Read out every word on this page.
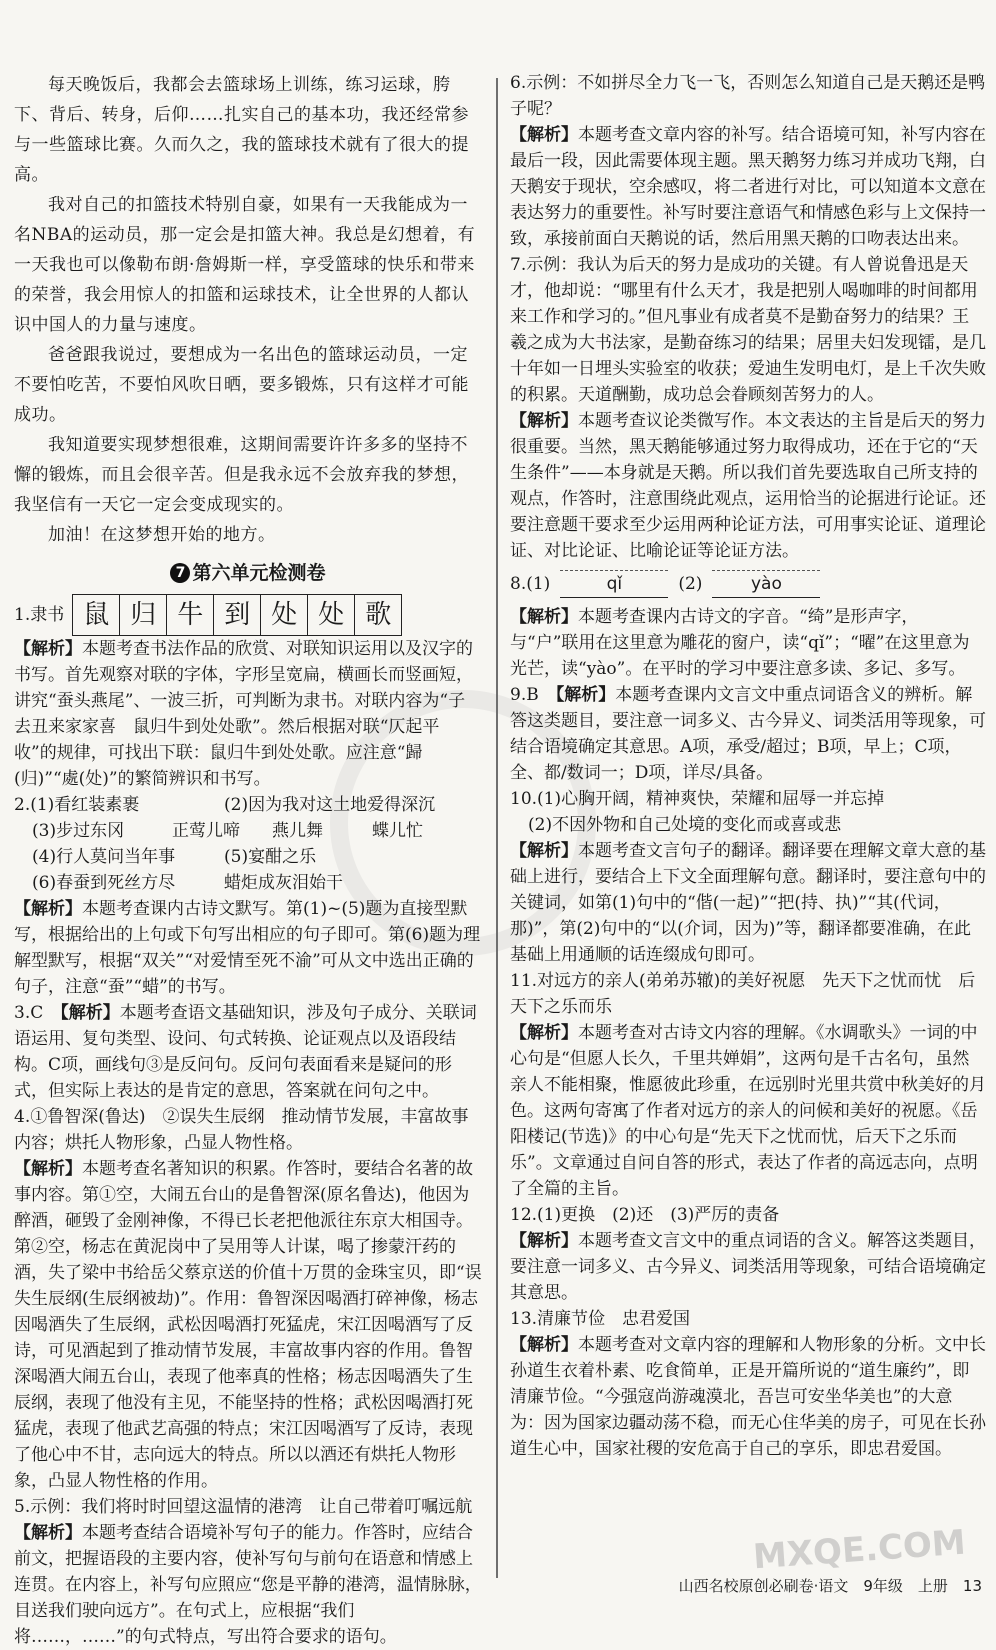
每天晚饭后，我都会去篮球场上训练，练习运球，胯下、背后、转身，后仰……扎实自己的基本功，我还经常参与一些篮球比赛。久而久之，我的篮球技术就有了很大的提高。

我对自己的扣篮技术特别自豪，如果有一天我能成为一名NBA的运动员，那一定会是扣篮大神。我总是幻想着，有一天我也可以像勒布朗·詹姆斯一样，享受篮球的快乐和带来的荣誉，我会用惊人的扣篮和运球技术，让全世界的人都认识中国人的力量与速度。

爸爸跟我说过，要想成为一名出色的篮球运动员，一定不要怕吃苦，不要怕风吹日晒，要多锻炼，只有这样才可能成功。

我知道要实现梦想很难，这期间需要许许多多的坚持不懈的锻炼，而且会很辛苦。但是我永远不会放弃我的梦想，我坚信有一天它一定会变成现实的。

加油！在这梦想开始的地方。

7 第六单元检测卷
1.隶书 鼠 归 牛 到 处 处 歌

【解析】本题考查书法作品的欣赏、对联知识运用以及汉字的书写。首先观察对联的字体，字形呈宽扁，横画长而竖画短，讲究“蚕头燕尾”、一波三折，可判断为隶书。对联内容为“子去丑来家家喜　鼠归牛到处处歌”。然后根据对联“仄起平收”的规律，可找出下联：鼠归牛到处处歌。应注意“歸(归)”“處(处)”的繁简辨识和书写。

2.(1)看红装素裹	(2)因为我对这土地爱得深沉
(3)步过东冈	正莺儿啼	燕儿舞	蝶儿忙
(4)行人莫问当年事	(5)宴酣之乐
(6)春蚕到死丝方尽	蜡炬成灰泪始干

【解析】本题考查课内古诗文默写。第(1)~(5)题为直接型默写，根据给出的上句或下句写出相应的句子即可。第(6)题为理解型默写，根据“双关”“对爱情至死不渝”可从文中选出正确的句子，注意“蚕”“蜡”的书写。

3.C　 【解析】本题考查语文基础知识，涉及句子成分、关联词语运用、复句类型、设问、句式转换、论证观点以及语段结构。C项，画线句③是反问句。反问句表面看来是疑问的形式，但实际上表达的是肯定的意思，答案就在问句之中。

4.①鲁智深(鲁达)　②误失生辰纲　推动情节发展，丰富故事内容；烘托人物形象，凸显人物性格。

【解析】本题考查名著知识的积累。作答时，要结合名著的故事内容。第①空，大闹五台山的是鲁智深(原名鲁达)，他因为醉酒，砸毁了金刚神像，不得已长老把他派往东京大相国寺。第②空，杨志在黄泥岗中了吴用等人计谋，喝了掺蒙汗药的酒，失了梁中书给岳父蔡京送的价值十万贯的金珠宝贝，即“误失生辰纲(生辰纲被劫)”。作用：鲁智深因喝酒打碎神像，杨志因喝酒失了生辰纲，武松因喝酒打死猛虎，宋江因喝酒写了反诗，可见酒起到了推动情节发展，丰富故事内容的作用。鲁智深喝酒大闹五台山，表现了他率真的性格；杨志因喝酒失了生辰纲，表现了他没有主见，不能坚持的性格；武松因喝酒打死猛虎，表现了他武艺高强的特点；宋江因喝酒写了反诗，表现了他心中不甘，志向远大的特点。所以以酒还有烘托人物形象，凸显人物性格的作用。

5.示例：我们将时时回望这温情的港湾　让自己带着叮嘱远航

【解析】本题考查结合语境补写句子的能力。作答时，应结合前文，把握语段的主要内容，使补写句与前句在语意和情感上连贯。在内容上，补写句应照应“您是平静的港湾，温情脉脉，目送我们驶向远方”。在句式上，应根据“我们将……，……”的句式特点，写出符合要求的语句。

6.示例：不如拼尽全力飞一飞，否则怎么知道自己是天鹅还是鸭子呢？

【解析】本题考查文章内容的补写。结合语境可知，补写内容在最后一段，因此需要体现主题。黑天鹅努力练习并成功飞翔，白天鹅安于现状，空余感叹，将二者进行对比，可以知道本文意在表达努力的重要性。补写时要注意语气和情感色彩与上文保持一致，承接前面白天鹅说的话，然后用黑天鹅的口吻表达出来。

7.示例：我认为后天的努力是成功的关键。有人曾说鲁迅是天才，他却说：“哪里有什么天才，我是把别人喝咖啡的时间都用来工作和学习的。”但凡事业有成者莫不是勤奋努力的结果？王羲之成为大书法家，是勤奋练习的结果；居里夫妇发现镭，是几十年如一日埋头实验室的收获；爱迪生发明电灯，是上千次失败的积累。天道酬勤，成功总会眷顾刻苦努力的人。

【解析】本题考查议论类微写作。本文表达的主旨是后天的努力很重要。当然，黑天鹅能够通过努力取得成功，还在于它的“天生条件”——本身就是天鹅。所以我们首先要选取自己所支持的观点，作答时，注意围绕此观点，运用恰当的论据进行论证。还要注意题干要求至少运用两种论证方法，可用事实论证、道理论证、对比论证、比喻论证等论证方法。

8.(1)	qǐ	(2)	yào

【解析】本题考查课内古诗文的字音。“绮”是形声字，与“户”联用在这里意为雕花的窗户，读“qǐ”；“曜”在这里意为光芒，读“yào”。在平时的学习中要注意多读、多记、多写。

9.B　 【解析】本题考查课内文言文中重点词语含义的辨析。解答这类题目，要注意一词多义、古今异义、词类活用等现象，可结合语境确定其意思。A项，承受/超过；B项，早上；C项，全、都/数词一；D项，详尽/具备。

10.(1)心胸开阔，精神爽快，荣耀和屈辱一并忘掉

(2)不因外物和自己处境的变化而或喜或悲

【解析】本题考查文言句子的翻译。翻译要在理解文章大意的基础上进行，要结合上下文全面理解句意。翻译时，要注意句中的关键词，如第(1)句中的“偕(一起)”“把(持、执)”“其(代词，那)”，第(2)句中的“以(介词，因为)”等，翻译都要准确，在此基础上用通顺的话连缀成句即可。

11.对远方的亲人(弟弟苏辙)的美好祝愿　先天下之忧而忧　后天下之乐而乐

【解析】本题考查对古诗文内容的理解。《水调歌头》一词的中心句是“但愿人长久，千里共婵娟”，这两句是千古名句，虽然亲人不能相聚，惟愿彼此珍重，在远别时光里共赏中秋美好的月色。这两句寄寓了作者对远方的亲人的问候和美好的祝愿。《岳阳楼记(节选)》的中心句是“先天下之忧而忧，后天下之乐而乐”。文章通过自问自答的形式，表达了作者的高远志向，点明了全篇的主旨。

12.(1)更换　(2)还　(3)严厉的责备

【解析】本题考查文言文中的重点词语的含义。解答这类题目，要注意一词多义、古今异义、词类活用等现象，可结合语境确定其意思。

13.清廉节俭　忠君爱国

【解析】本题考查对文章内容的理解和人物形象的分析。文中长孙道生衣着朴素、吃食简单，正是开篇所说的“道生廉约”，即清廉节俭。“今强寇尚游魂漠北，吾岂可安坐华美也”的大意为：因为国家边疆动荡不稳，而无心住华美的房子，可见在长孙道生心中，国家社稷的安危高于自己的享乐，即忠君爱国。

MXQE.COM
山西名校原创必刷卷·语文　9年级　上册　13
